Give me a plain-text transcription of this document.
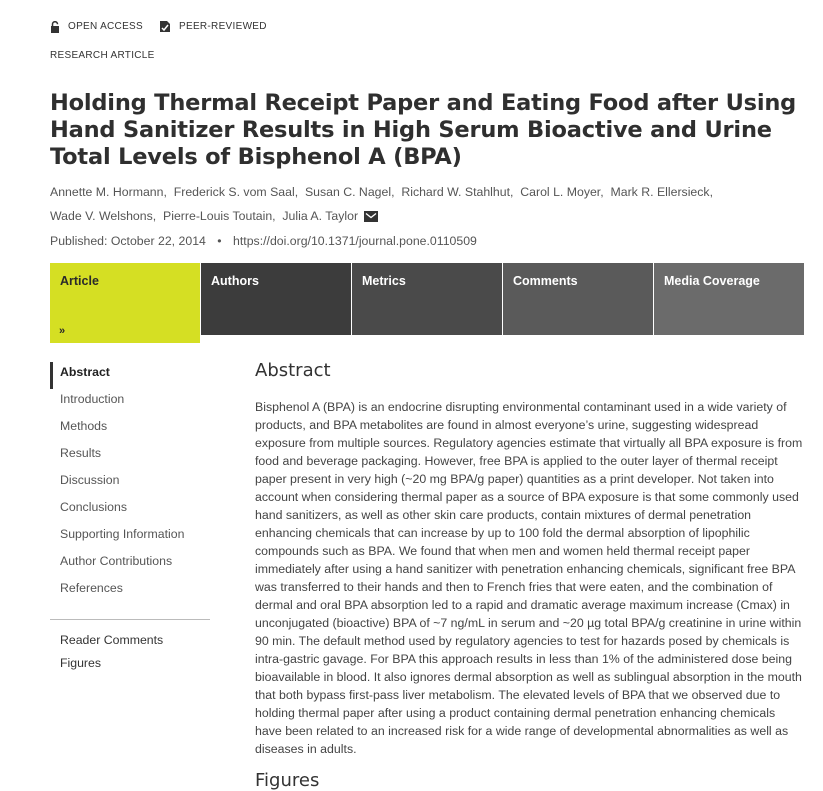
OPEN ACCESS	PEER-REVIEWED
RESEARCH ARTICLE
Holding Thermal Receipt Paper and Eating Food after Using Hand Sanitizer Results in High Serum Bioactive and Urine Total Levels of Bisphenol A (BPA)
Annette M. Hormann,  Frederick S. vom Saal,  Susan C. Nagel,  Richard W. Stahlhut,  Carol L. Moyer,  Mark R. Ellersieck,
Wade V. Welshons,  Pierre-Louis Toutain,  Julia A. Taylor
Published: October 22, 2014 • https://doi.org/10.1371/journal.pone.0110509
Article
»
Authors	Metrics	Comments	Media Coverage
Abstract
Introduction
Methods
Results
Discussion
Conclusions
Supporting Information
Author Contributions
References
Reader Comments
Figures
Abstract

Bisphenol A (BPA) is an endocrine disrupting environmental contaminant used in a wide variety of products, and BPA metabolites are found in almost everyone’s urine, suggesting widespread exposure from multiple sources. Regulatory agencies estimate that virtually all BPA exposure is from food and beverage packaging. However, free BPA is applied to the outer layer of thermal receipt paper present in very high (~20 mg BPA/g paper) quantities as a print developer. Not taken into account when considering thermal paper as a source of BPA exposure is that some commonly used hand sanitizers, as well as other skin care products, contain mixtures of dermal penetration enhancing chemicals that can increase by up to 100 fold the dermal absorption of lipophilic compounds such as BPA. We found that when men and women held thermal receipt paper immediately after using a hand sanitizer with penetration enhancing chemicals, significant free BPA was transferred to their hands and then to French fries that were eaten, and the combination of dermal and oral BPA absorption led to a rapid and dramatic average maximum increase (Cmax) in unconjugated (bioactive) BPA of ~7 ng/mL in serum and ~20 µg total BPA/g creatinine in urine within 90 min. The default method used by regulatory agencies to test for hazards posed by chemicals is intra-gastric gavage. For BPA this approach results in less than 1% of the administered dose being bioavailable in blood. It also ignores dermal absorption as well as sublingual absorption in the mouth that both bypass first-pass liver metabolism. The elevated levels of BPA that we observed due to holding thermal paper after using a product containing dermal penetration enhancing chemicals have been related to an increased risk for a wide range of developmental abnormalities as well as diseases in adults.

Figures
